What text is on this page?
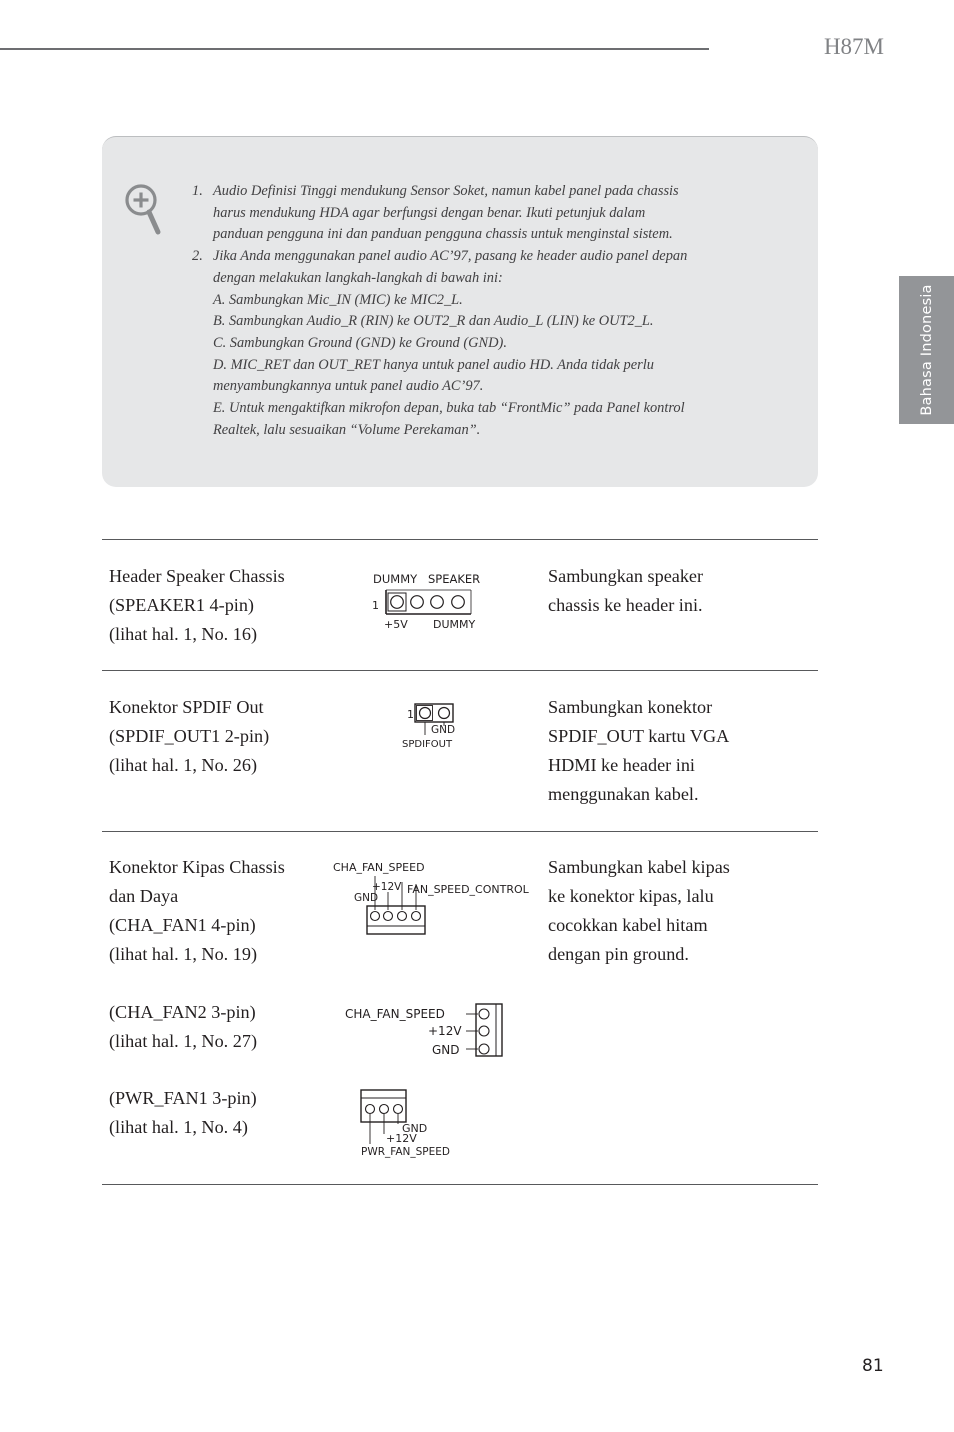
H87M
Bahasa Indonesia
1. Audio Definisi Tinggi mendukung Sensor Soket, namun kabel panel pada chassis
harus mendukung HDA agar berfungsi dengan benar. Ikuti petunjuk dalam
panduan pengguna ini dan panduan pengguna chassis untuk menginstal sistem.
2. Jika Anda menggunakan panel audio AC’97, pasang ke header audio panel depan
dengan melakukan langkah-langkah di bawah ini:
A. Sambungkan Mic_IN (MIC) ke MIC2_L.
B. Sambungkan Audio_R (RIN) ke OUT2_R dan Audio_L (LIN) ke OUT2_L.
C. Sambungkan Ground (GND) ke Ground (GND).
D. MIC_RET dan OUT_RET hanya untuk panel audio HD. Anda tidak perlu
menyambungkannya untuk panel audio AC’97.
E. Untuk mengaktifkan mikrofon depan, buka tab “FrontMic” pada Panel kontrol
Realtek, lalu sesuaikan “Volume Perekaman”.
Header Speaker Chassis
(SPEAKER1 4-pin)
(lihat hal. 1, No. 16)
DUMMY SPEAKER
1
+5V DUMMY
Sambungkan speaker
chassis ke header ini.
Konektor SPDIF Out
(SPDIF_OUT1 2-pin)
(lihat hal. 1, No. 26)
1
GND
SPDIFOUT
Sambungkan konektor
SPDIF_OUT kartu VGA
HDMI ke header ini
menggunakan kabel.
Konektor Kipas Chassis
dan Daya
(CHA_FAN1 4-pin)
(lihat hal. 1, No. 19)
(CHA_FAN2 3-pin)
(lihat hal. 1, No. 27)
(PWR_FAN1 3-pin)
(lihat hal. 1, No. 4)
CHA_FAN_SPEED
+12V FAN_SPEED_CONTROL
GND
CHA_FAN_SPEED
+12V
GND
GND
+12V
PWR_FAN_SPEED
Sambungkan kabel kipas
ke konektor kipas, lalu
cocokkan kabel hitam
dengan pin ground.
81
